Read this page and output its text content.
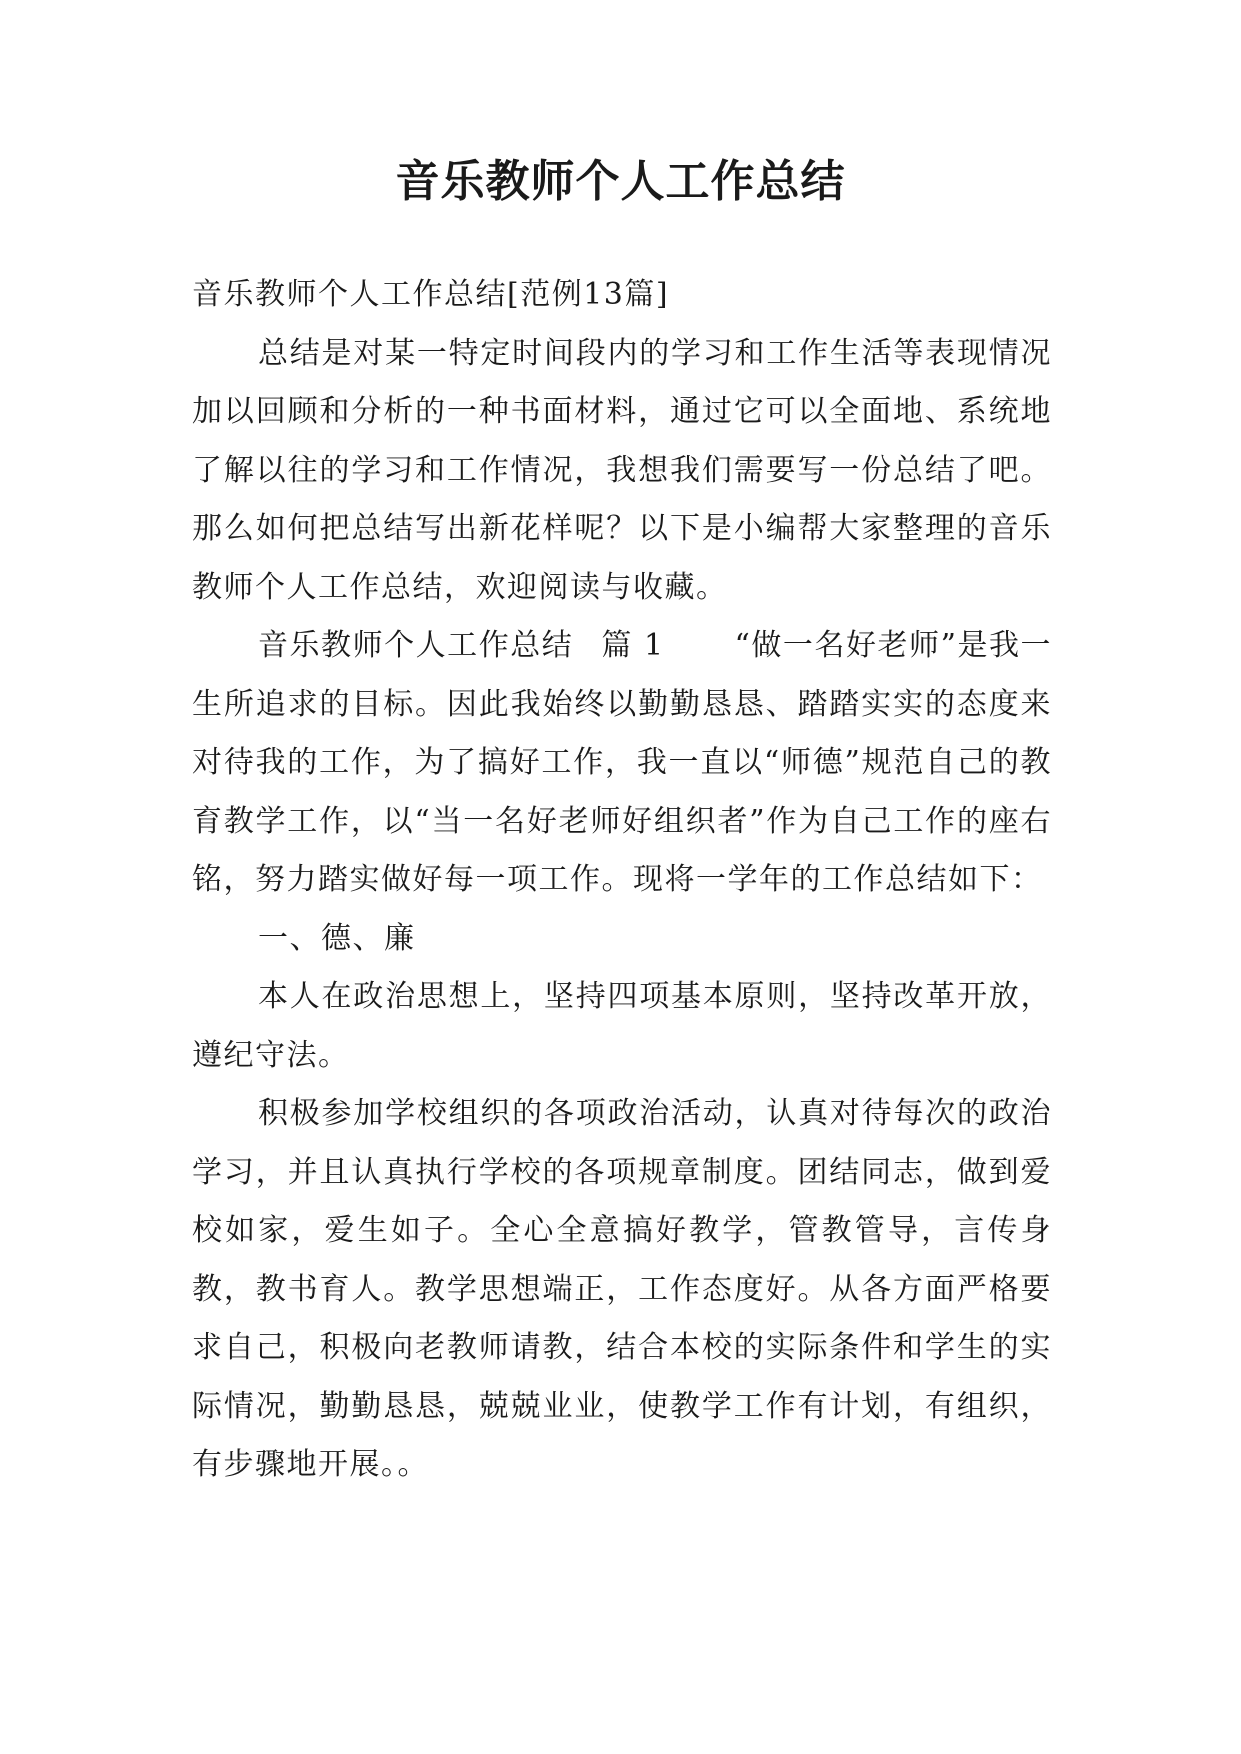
音乐教师个人工作总结

音乐教师个人工作总结[范例13篇]

总结是对某一特定时间段内的学习和工作生活等表现情况加以回顾和分析的一种书面材料，通过它可以全面地、系统地了解以往的学习和工作情况，我想我们需要写一份总结了吧。那么如何把总结写出新花样呢？以下是小编帮大家整理的音乐教师个人工作总结，欢迎阅读与收藏。

音乐教师个人工作总结 篇 1 “做一名好老师”是我一生所追求的目标。因此我始终以勤勤恳恳、踏踏实实的态度来对待我的工作，为了搞好工作，我一直以“师德”规范自己的教育教学工作，以“当一名好老师好组织者”作为自己工作的座右铭，努力踏实做好每一项工作。现将一学年的工作总结如下：

一、德、廉

本人在政治思想上，坚持四项基本原则，坚持改革开放，遵纪守法。

积极参加学校组织的各项政治活动，认真对待每次的政治学习，并且认真执行学校的各项规章制度。团结同志，做到爱校如家，爱生如子。全心全意搞好教学，管教管导，言传身教，教书育人。教学思想端正，工作态度好。从各方面严格要求自己，积极向老教师请教，结合本校的实际条件和学生的实际情况，勤勤恳恳，兢兢业业，使教学工作有计划，有组织，有步骤地开展。。
